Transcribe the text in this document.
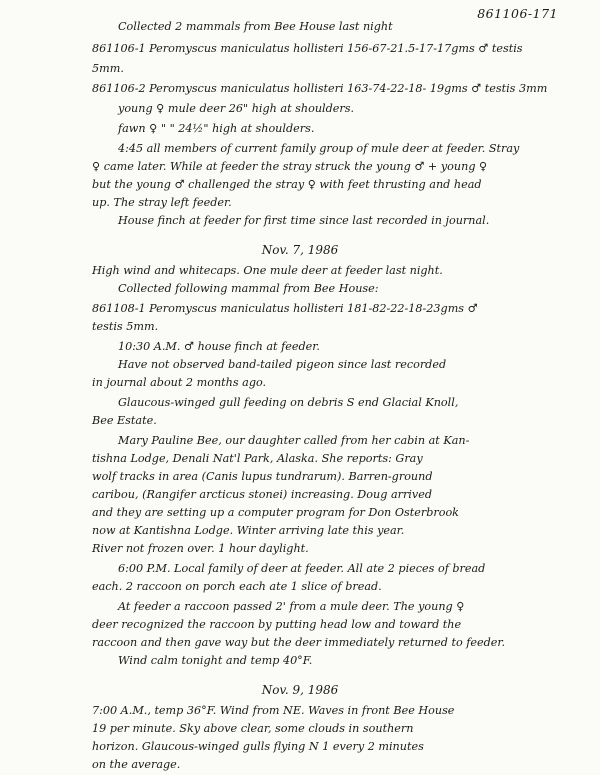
861106-171
Collected 2 mammals from Bee House last night
861106-1 Peromyscus maniculatus hollisteri 156-67-21.5-17-17gms ♂ testis
5mm.
861106-2 Peromyscus maniculatus hollisteri 163-74-22-18- 19gms ♂ testis 3mm
young ♀ mule deer 26" high at shoulders.
fawn ♀ " " 24½" high at shoulders.
4:45 all members of current family group of mule deer at feeder. Stray
♀ came later. While at feeder the stray struck the young ♂ + young ♀
but the young ♂ challenged the stray ♀ with feet thrusting and head
up. The stray left feeder.
House finch at feeder for first time since last recorded in journal.
Nov. 7, 1986
High wind and whitecaps. One mule deer at feeder last night.
Collected following mammal from Bee House:
861108-1 Peromyscus maniculatus hollisteri 181-82-22-18-23gms ♂
testis 5mm.
10:30 A.M. ♂ house finch at feeder.
Have not observed band-tailed pigeon since last recorded
in journal about 2 months ago.
Glaucous-winged gull feeding on debris S end Glacial Knoll,
Bee Estate.
Mary Pauline Bee, our daughter called from her cabin at Kan-
tishna Lodge, Denali Nat'l Park, Alaska. She reports: Gray
wolf tracks in area (Canis lupus tundrarum). Barren-ground
caribou, (Rangifer arcticus stonei) increasing. Doug arrived
and they are setting up a computer program for Don Osterbrook
now at Kantishna Lodge. Winter arriving late this year.
River not frozen over. 1 hour daylight.
6:00 P.M. Local family of deer at feeder. All ate 2 pieces of bread
each. 2 raccoon on porch each ate 1 slice of bread.
At feeder a raccoon passed 2' from a mule deer. The young ♀
deer recognized the raccoon by putting head low and toward the
raccoon and then gave way but the deer immediately returned to feeder.
Wind calm tonight and temp 40°F.
Nov. 9, 1986
7:00 A.M., temp 36°F. Wind from NE. Waves in front Bee House
19 per minute. Sky above clear, some clouds in southern
horizon. Glaucous-winged gulls flying N 1 every 2 minutes
on the average.
